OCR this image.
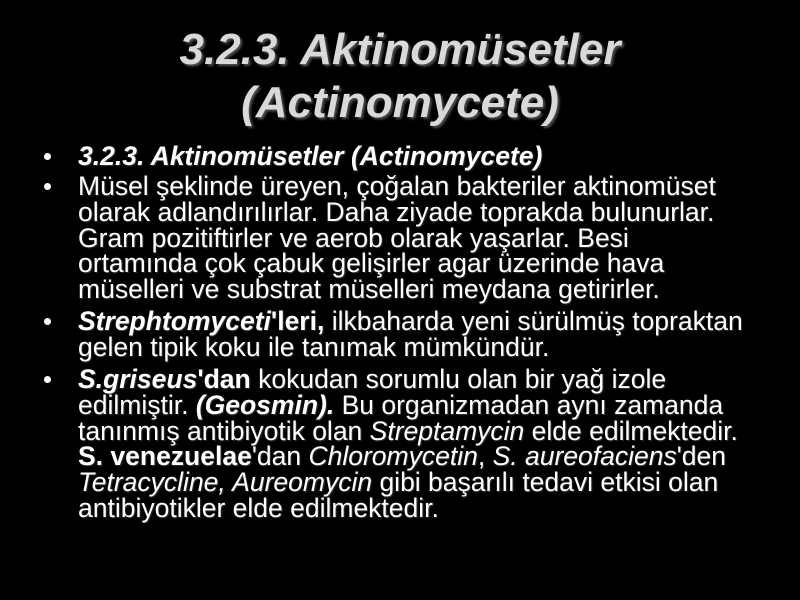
3.2.3. Aktinomüsetler
(Actinomycete)
3.2.3. Aktinomüsetler (Actinomycete)
Müsel şeklinde üreyen, çoğalan bakteriler aktinomüset
olarak adlandırılırlar. Daha ziyade toprakda bulunurlar.
Gram pozitiftirler ve aerob olarak yaşarlar. Besi
ortamında çok çabuk gelişirler agar üzerinde hava
müselleri ve substrat müselleri meydana getirirler.
Strephtomyceti'leri, ilkbaharda yeni sürülmüş topraktan
gelen tipik koku ile tanımak mümkündür.
S.griseus'dan kokudan sorumlu olan bir yağ izole
edilmiştir. (Geosmin). Bu organizmadan aynı zamanda
tanınmış antibiyotik olan Streptamycin elde edilmektedir.
S. venezuelae'dan Chloromycetin, S. aureofaciens'den
Tetracycline, Aureomycin gibi başarılı tedavi etkisi olan
antibiyotikler elde edilmektedir.
